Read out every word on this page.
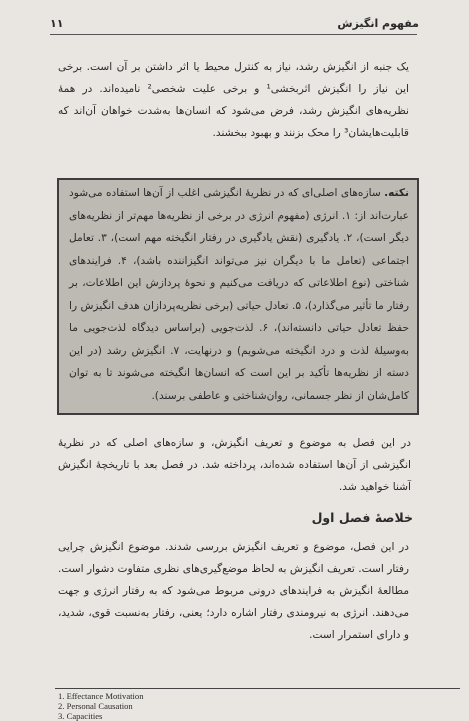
مفهوم انگیزش
۱۱
یک جنبه از انگیزش رشد، نیاز به کنترل محیط یا اثر داشتن بر آن است. برخی این نیاز را انگیزش اثربخشی¹ و برخی علیت شخصی² نامیده‌اند. در همهٔ نظریه‌های انگیزش رشد، فرض می‌شود که انسان‌ها به‌شدت خواهان آن‌اند که قابلیت‌هایشان³ را محک بزنند و بهبود ببخشند.
نکته. سازه‌های اصلی‌ای که در نظریهٔ انگیزشی اغلب از آن‌ها استفاده می‌شود عبارت‌اند از: ۱. انرژی (مفهوم انرژی در برخی از نظریه‌ها مهم‌تر از نظریه‌های دیگر است)، ۲. یادگیری (نقش یادگیری در رفتار انگیخته مهم است)، ۳. تعامل اجتماعی (تعامل ما با دیگران نیز می‌تواند انگیزاننده باشد)، ۴. فرایندهای شناختی (نوع اطلاعاتی که دریافت می‌کنیم و نحوهٔ پردازش این اطلاعات، بر رفتار ما تأثیر می‌گذارد)، ۵. تعادل حیاتی (برخی نظریه‌پردازان هدف انگیزش را حفظ تعادل حیاتی دانسته‌اند)، ۶. لذت‌جویی (براساس دیدگاه لذت‌جویی ما به‌وسیلهٔ لذت و درد انگیخته می‌شویم) و درنهایت، ۷. انگیزش رشد (در این دسته از نظریه‌ها تأکید بر این است که انسان‌ها انگیخته می‌شوند تا به توان کامل‌شان از نظر جسمانی، روان‌شناختی و عاطفی برسند).
در این فصل به موضوع و تعریف انگیزش، و سازه‌های اصلی که در نظریهٔ انگیزشی از آن‌ها استفاده شده‌اند، پرداخته شد. در فصل بعد با تاریخچهٔ انگیزش آشنا خواهید شد.
خلاصهٔ فصل اول
در این فصل، موضوع و تعریف انگیزش بررسی شدند. موضوع انگیزش چرایی رفتار است. تعریف انگیزش به لحاظ موضع‌گیری‌های نظری متفاوت دشوار است. مطالعهٔ انگیزش به فرایندهای درونی مربوط می‌شود که به رفتار انرژی و جهت می‌دهند. انرژی به نیرومندی رفتار اشاره دارد؛ یعنی، رفتار به‌نسبت قوی، شدید، و دارای استمرار است.
1. Effectance Motivation
2. Personal Causation
3. Capacities
